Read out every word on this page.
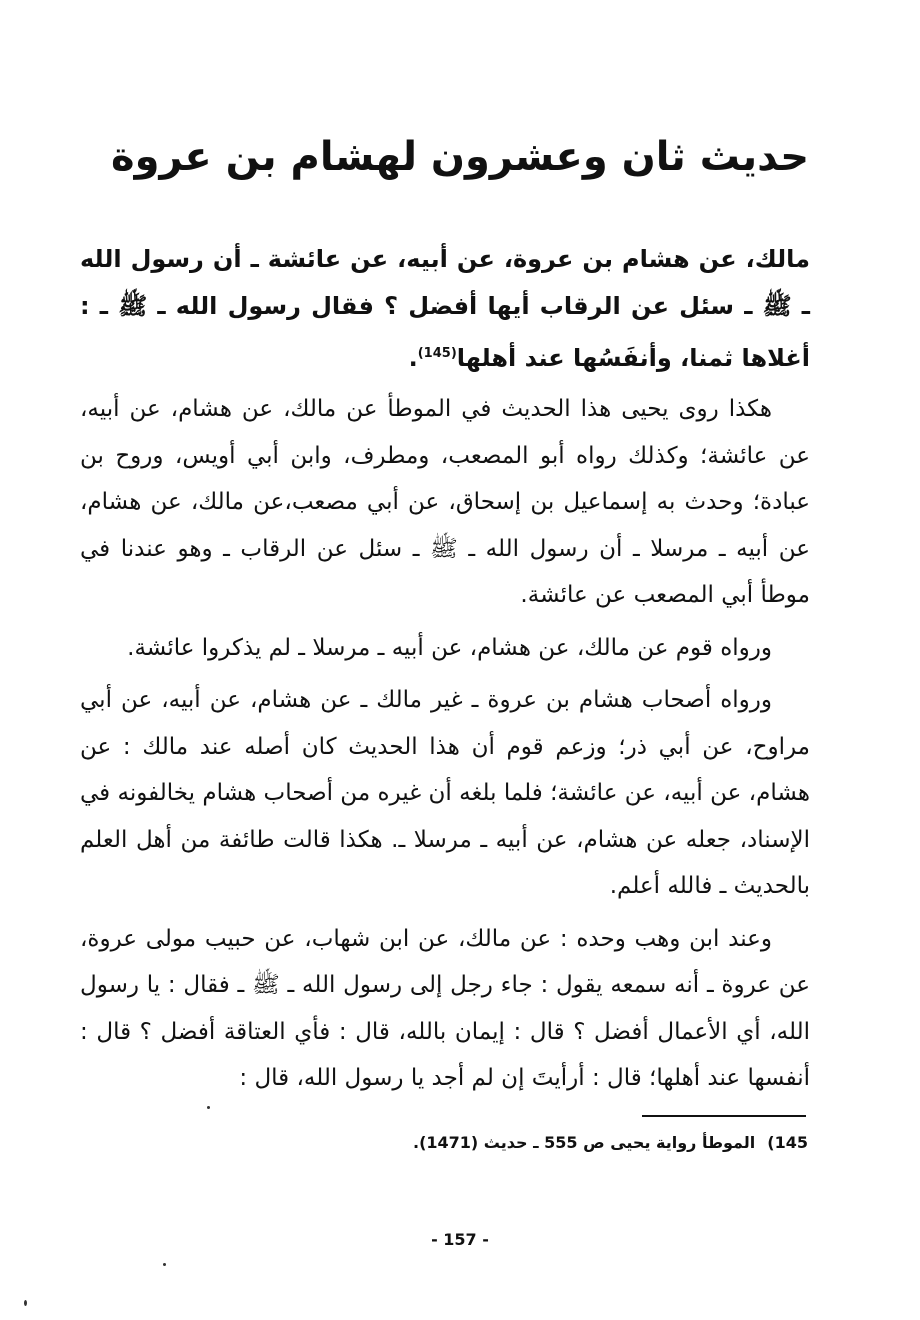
حديث ثان وعشرون لهشام بن عروة

مالك، عن هشام بن عروة، عن أبيه، عن عائشة ـ أن رسول الله ـ ﷺ ـ سئل عن الرقاب أيها أفضل ؟ فقال رسول الله ـ ﷺ ـ : أغلاها ثمنا، وأنفَسُها عند أهلها$^{(145)}$.

هكذا روى يحيى هذا الحديث في الموطأ عن مالك، عن هشام، عن أبيه، عن عائشة؛ وكذلك رواه أبو المصعب، ومطرف، وابن أبي أويس، وروح بن عبادة؛ وحدث به إسماعيل بن إسحاق، عن أبي مصعب،عن مالك، عن هشام، عن أبيه ـ مرسلا ـ أن رسول الله ـ ﷺ ـ سئل عن الرقاب ـ وهو عندنا في موطأ أبي المصعب عن عائشة.

ورواه قوم عن مالك، عن هشام، عن أبيه ـ مرسلا ـ لم يذكروا عائشة.

ورواه أصحاب هشام بن عروة ـ غير مالك ـ عن هشام، عن أبيه، عن أبي مراوح، عن أبي ذر؛ وزعم قوم أن هذا الحديث كان أصله عند مالك : عن هشام، عن أبيه، عن عائشة؛ فلما بلغه أن غيره من أصحاب هشام يخالفونه في الإسناد، جعله عن هشام، عن أبيه ـ مرسلا ـ. هكذا قالت طائفة من أهل العلم بالحديث ـ فالله أعلم.

وعند ابن وهب وحده : عن مالك، عن ابن شهاب، عن حبيب مولى عروة، عن عروة ـ أنه سمعه يقول : جاء رجل إلى رسول الله ـ ﷺ ـ فقال : يا رسول الله، أي الأعمال أفضل ؟ قال : إيمان بالله، قال : فأي العتاقة أفضل ؟ قال : أنفسها عند أهلها؛ قال : أرأيتَ إن لم أجد يا رسول الله، قال :

145)الموطأ رواية يحيى ص 555 ـ حديث (1471).

- 157 -
